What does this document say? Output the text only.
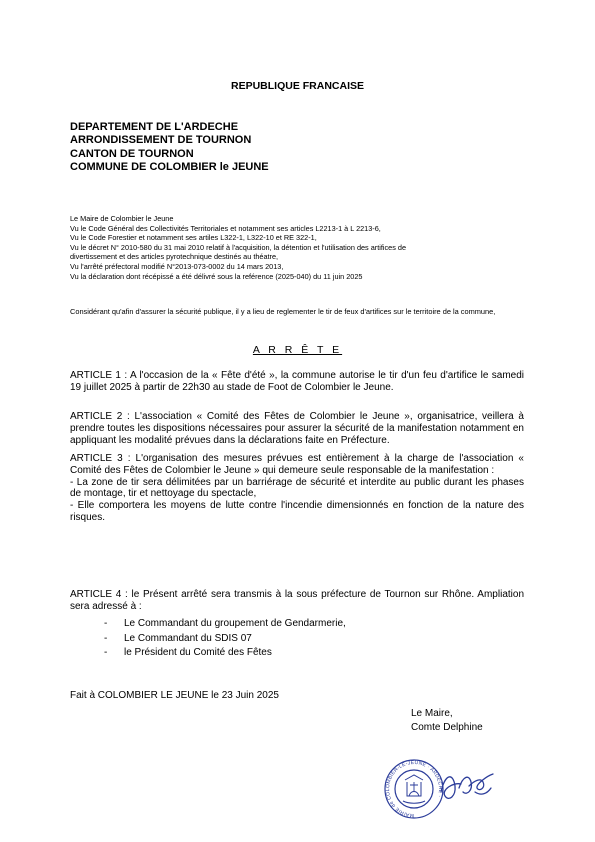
REPUBLIQUE FRANCAISE
DEPARTEMENT DE L'ARDECHE
ARRONDISSEMENT DE TOURNON
CANTON DE TOURNON
COMMUNE DE COLOMBIER le JEUNE
Le Maire de Colombier le Jeune
Vu le Code Général des Collectivités Territoriales et notamment ses articles L2213-1 à L 2213-6,
Vu le Code Forestier et notamment ses artiles L322-1, L322-10 et RE 322-1,
Vu le décret N° 2010-580 du 31 mai 2010 relatif à l'acquisition, la détention et l'utilisation des artifices de
divertissement et des articles pyrotechnique destinés au théatre,
Vu l'arrêté préfectoral modifié N°2013-073-0002 du 14 mars 2013,
Vu la déclaration dont récépissé a été délivré sous la reférence (2025-040) du 11 juin 2025
Considérant qu'afin d'assurer la sécurité publique, il y a lieu de reglementer le tir de feux d'artifices sur le territoire de la commune,
A R R Ê T E
ARTICLE 1 : A l'occasion de la « Fête d'été », la commune autorise le tir d'un feu d'artifice le samedi 19 juillet 2025 à partir de 22h30 au stade de Foot de Colombier le Jeune.
ARTICLE 2 : L'association « Comité des Fêtes de Colombier le Jeune », organisatrice, veillera à prendre toutes les dispositions nécessaires pour assurer la sécurité de la manifestation notamment en appliquant les modalité prévues dans la déclarations faite en Préfecture.
ARTICLE 3 : L'organisation des mesures prévues est entièrement à la charge de l'association « Comité des Fêtes de Colombier le Jeune » qui demeure seule responsable de la manifestation :
- La zone de tir sera délimitées par un barriérage de sécurité et interdite au public durant les phases de montage, tir et nettoyage du spectacle,
- Elle comportera les moyens de lutte contre l'incendie dimensionnés en fonction de la nature des risques.
ARTICLE 4 : le Présent arrêté sera transmis à la sous préfecture de Tournon sur Rhône. Ampliation sera adressé à :
- Le Commandant du groupement de Gendarmerie,
- Le Commandant du SDIS 07
- le Président du Comité des Fêtes
Fait à COLOMBIER LE JEUNE le 23 Juin 2025
Le Maire,
Comte Delphine
MAIRIE de COLOMBIER-LE-JEUNE · ARDÈCHE ·
